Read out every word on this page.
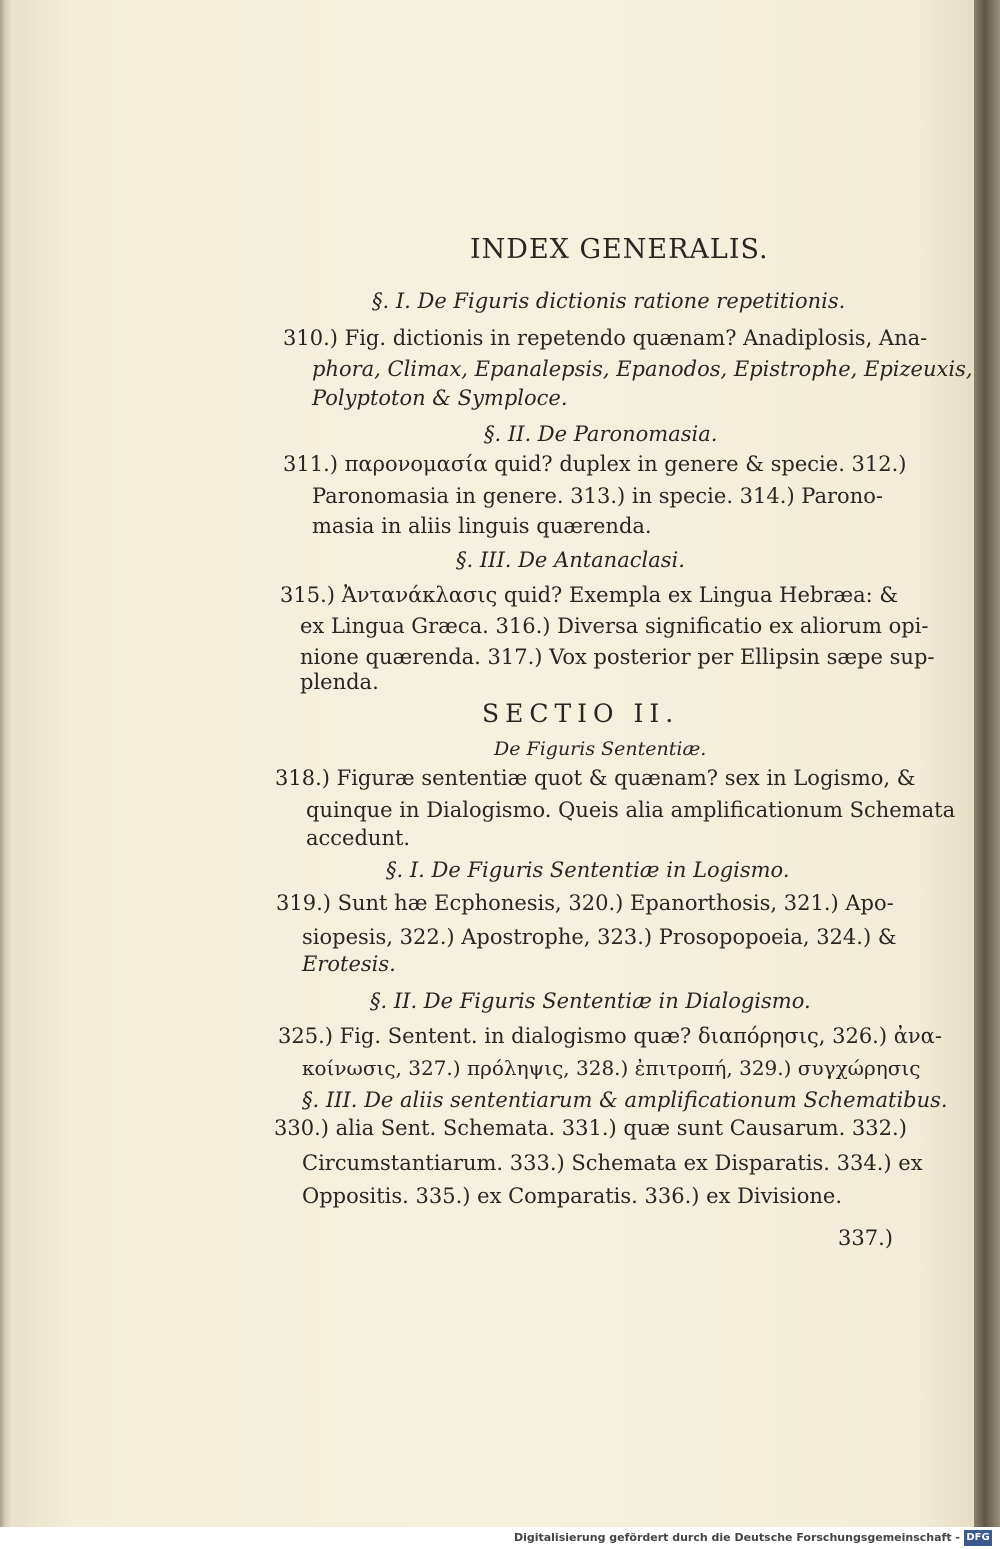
INDEX GENERALIS.
§. I. De Figuris dictionis ratione repetitionis.
310.) Fig. dictionis in repetendo quænam? Anadiplosis, Ana-
phora, Climax, Epanalepsis, Epanodos, Epistrophe, Epizeuxis,
Polyptoton & Symploce.
§. II. De Paronomasia.
311.) παρονομασία quid? duplex in genere & specie. 312.)
Paronomasia in genere. 313.) in specie. 314.) Parono-
masia in aliis linguis quærenda.
§. III. De Antanaclasi.
315.) Ἀντανάκλασις quid? Exempla ex Lingua Hebræa: &
ex Lingua Græca. 316.) Diversa significatio ex aliorum opi-
nione quærenda. 317.) Vox posterior per Ellipsin sæpe sup-
plenda.
SECTIO II.
De Figuris Sententiæ.
318.) Figuræ sententiæ quot & quænam? sex in Logismo, &
quinque in Dialogismo. Queis alia amplificationum Schemata
accedunt.
§. I. De Figuris Sententiæ in Logismo.
319.) Sunt hæ Ecphonesis, 320.) Epanorthosis, 321.) Apo-
siopesis, 322.) Apostrophe, 323.) Prosopopoeia, 324.) &
Erotesis.
§. II. De Figuris Sententiæ in Dialogismo.
325.) Fig. Sentent. in dialogismo quæ? διαπόρησις, 326.) ἀνα-
κοίνωσις, 327.) πρόληψις, 328.) ἐπιτροπή, 329.) συγχώρησις
§. III. De aliis sententiarum & amplificationum Schematibus.
330.) alia Sent. Schemata. 331.) quæ sunt Causarum. 332.)
Circumstantiarum. 333.) Schemata ex Disparatis. 334.) ex
Oppositis. 335.) ex Comparatis. 336.) ex Divisione.
337.)
Digitalisierung gefördert durch die Deutsche Forschungsgemeinschaft - DFG
